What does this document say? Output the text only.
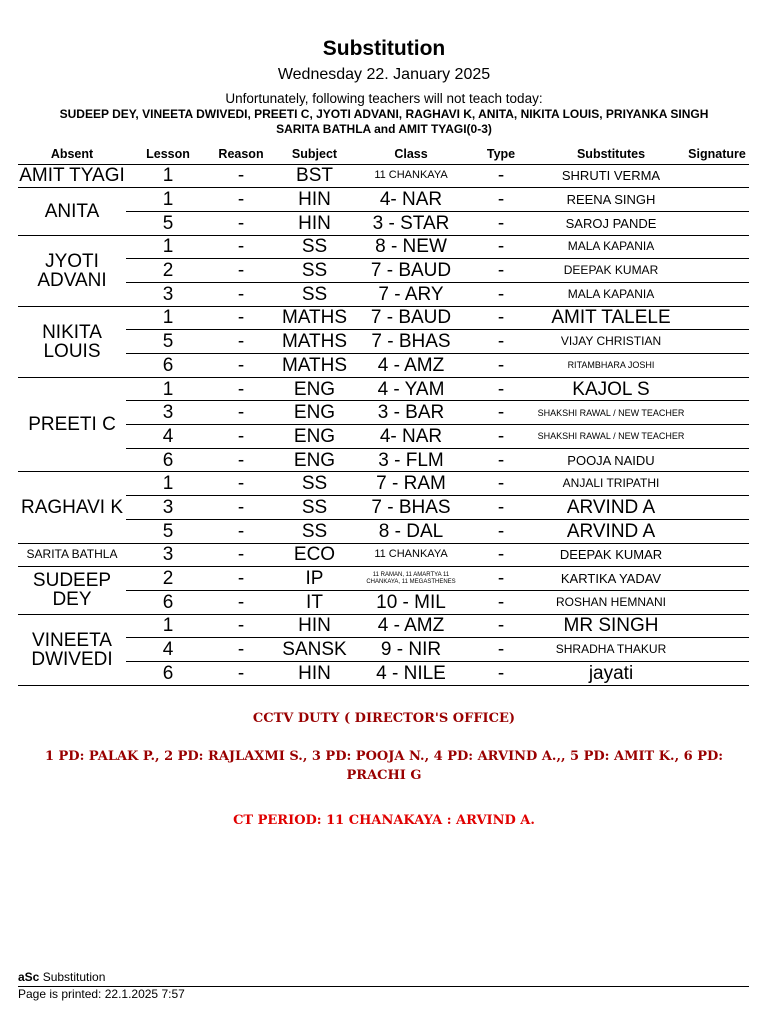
Substitution
Wednesday 22. January 2025
Unfortunately, following teachers will not teach today:
SUDEEP DEY, VINEETA DWIVEDI, PREETI C, JYOTI ADVANI, RAGHAVI K, ANITA, NIKITA LOUIS, PRIYANKA SINGH
SARITA BATHLA and AMIT TYAGI(0-3)
Absent	Lesson	Reason	Subject	Class	Type	Substitutes	Signature
AMIT TYAGI	1	-	BST	11 CHANKAYA	-	SHRUTI VERMA	
ANITA	1	-	HIN	4- NAR	-	REENA SINGH	
	5	-	HIN	3 - STAR	-	SAROJ PANDE	
JYOTI ADVANI	1	-	SS	8 - NEW	-	MALA KAPANIA	
	2	-	SS	7 - BAUD	-	DEEPAK KUMAR	
	3	-	SS	7 - ARY	-	MALA KAPANIA	
NIKITA LOUIS	1	-	MATHS	7 - BAUD	-	AMIT TALELE	
	5	-	MATHS	7 - BHAS	-	VIJAY CHRISTIAN	
	6	-	MATHS	4 - AMZ	-	RITAMBHARA JOSHI	
PREETI C	1	-	ENG	4 - YAM	-	KAJOL S	
	3	-	ENG	3 - BAR	-	SHAKSHI RAWAL / NEW TEACHER	
	4	-	ENG	4- NAR	-	SHAKSHI RAWAL / NEW TEACHER	
	6	-	ENG	3 - FLM	-	POOJA NAIDU	
RAGHAVI K	1	-	SS	7 - RAM	-	ANJALI TRIPATHI	
	3	-	SS	7 - BHAS	-	ARVIND A	
	5	-	SS	8 - DAL	-	ARVIND A	
SARITA BATHLA	3	-	ECO	11 CHANKAYA	-	DEEPAK KUMAR	
SUDEEP DEY	2	-	IP	11 RAMAN, 11 AMARTYA 11 CHANKAYA, 11 MEGASTHENES	-	KARTIKA YADAV	
	6	-	IT	10 - MIL	-	ROSHAN HEMNANI	
VINEETA DWIVEDI	1	-	HIN	4 - AMZ	-	MR SINGH	
	4	-	SANSK	9 - NIR	-	SHRADHA THAKUR	
	6	-	HIN	4 - NILE	-	jayati	
CCTV DUTY ( DIRECTOR'S OFFICE)
1 PD: PALAK P., 2 PD: RAJLAXMI S., 3 PD: POOJA N., 4 PD: ARVIND A.,, 5 PD: AMIT K., 6 PD: PRACHI G
CT PERIOD: 11 CHANAKAYA : ARVIND A.
aSc Substitution
Page is printed: 22.1.2025 7:57
